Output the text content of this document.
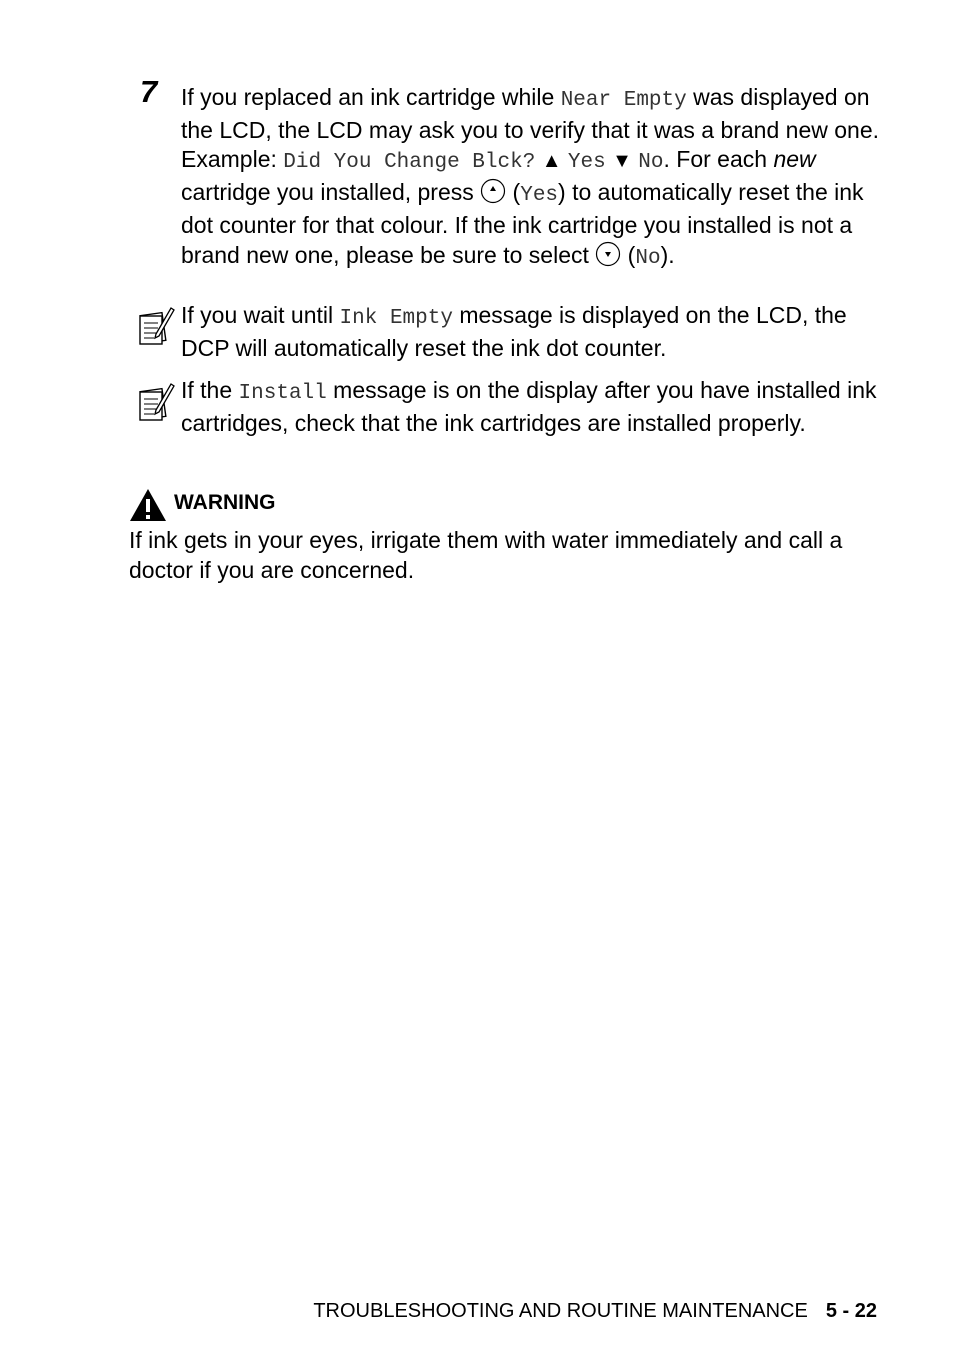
7 If you replaced an ink cartridge while Near Empty was displayed on the LCD, the LCD may ask you to verify that it was a brand new one. Example: Did You Change Blck? ▲ Yes ▼ No. For each new cartridge you installed, press  (Yes) to automatically reset the ink dot counter for that colour. If the ink cartridge you installed is not a brand new one, please be sure to select  (No).
If you wait until Ink Empty message is displayed on the LCD, the DCP will automatically reset the ink dot counter.
If the Install message is on the display after you have installed ink cartridges, check that the ink cartridges are installed properly.
WARNING
If ink gets in your eyes, irrigate them with water immediately and call a doctor if you are concerned.
TROUBLESHOOTING AND ROUTINE MAINTENANCE 5 - 22
